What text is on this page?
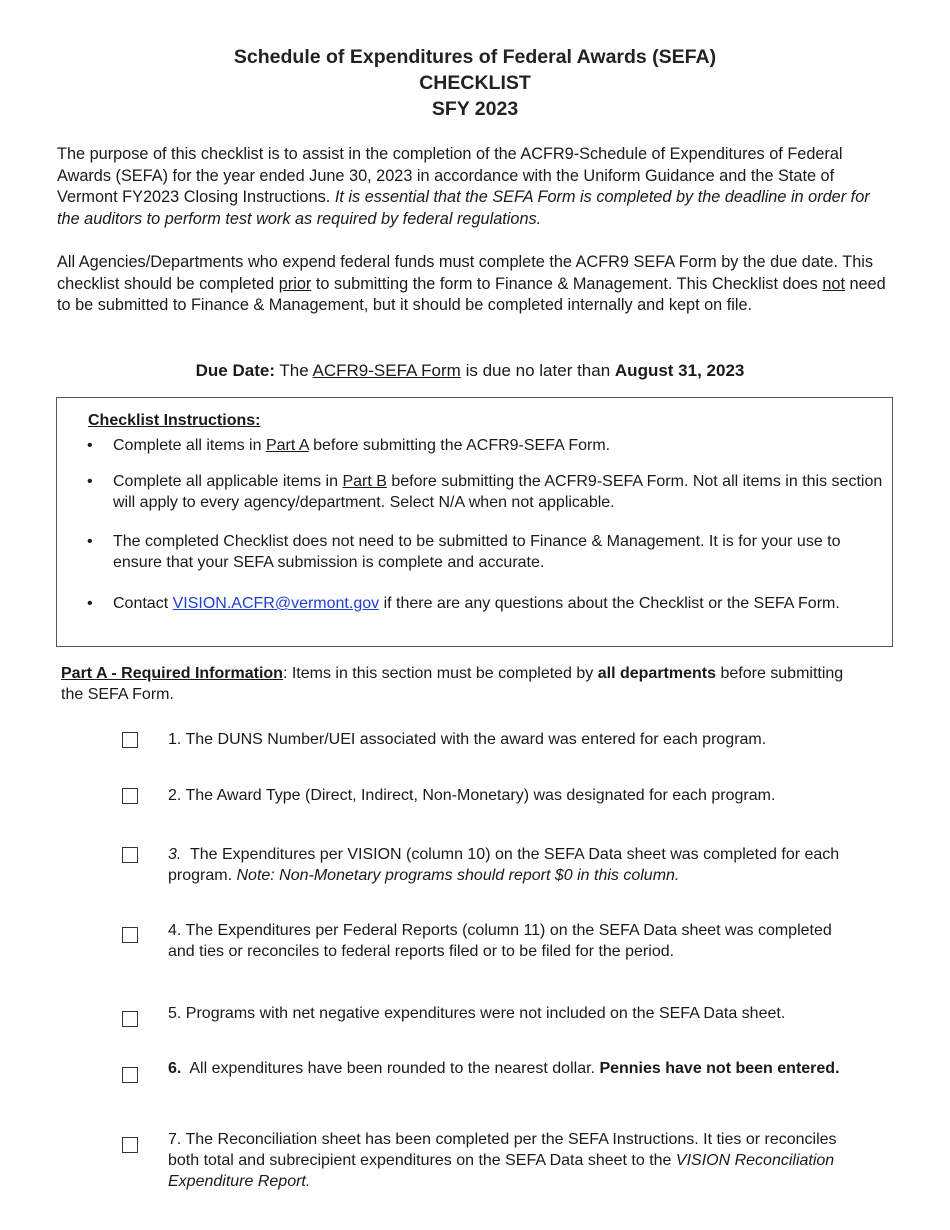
Schedule of Expenditures of Federal Awards (SEFA)
CHECKLIST
SFY 2023
The purpose of this checklist is to assist in the completion of the ACFR9-Schedule of Expenditures of Federal Awards (SEFA) for the year ended June 30, 2023 in accordance with the Uniform Guidance and the State of Vermont FY2023 Closing Instructions. It is essential that the SEFA Form is completed by the deadline in order for the auditors to perform test work as required by federal regulations.
All Agencies/Departments who expend federal funds must complete the ACFR9 SEFA Form by the due date. This checklist should be completed prior to submitting the form to Finance & Management. This Checklist does not need to be submitted to Finance & Management, but it should be completed internally and kept on file.
Due Date: The ACFR9-SEFA Form is due no later than August 31, 2023
Checklist Instructions:
• Complete all items in Part A before submitting the ACFR9-SEFA Form.
• Complete all applicable items in Part B before submitting the ACFR9-SEFA Form. Not all items in this section will apply to every agency/department. Select N/A when not applicable.
• The completed Checklist does not need to be submitted to Finance & Management. It is for your use to ensure that your SEFA submission is complete and accurate.
• Contact VISION.ACFR@vermont.gov if there are any questions about the Checklist or the SEFA Form.
Part A - Required Information: Items in this section must be completed by all departments before submitting the SEFA Form.
1. The DUNS Number/UEI associated with the award was entered for each program.
2. The Award Type (Direct, Indirect, Non-Monetary) was designated for each program.
3. The Expenditures per VISION (column 10) on the SEFA Data sheet was completed for each program. Note: Non-Monetary programs should report $0 in this column.
4. The Expenditures per Federal Reports (column 11) on the SEFA Data sheet was completed and ties or reconciles to federal reports filed or to be filed for the period.
5. Programs with net negative expenditures were not included on the SEFA Data sheet.
6. All expenditures have been rounded to the nearest dollar. Pennies have not been entered.
7. The Reconciliation sheet has been completed per the SEFA Instructions. It ties or reconciles both total and subrecipient expenditures on the SEFA Data sheet to the VISION Reconciliation Expenditure Report.
